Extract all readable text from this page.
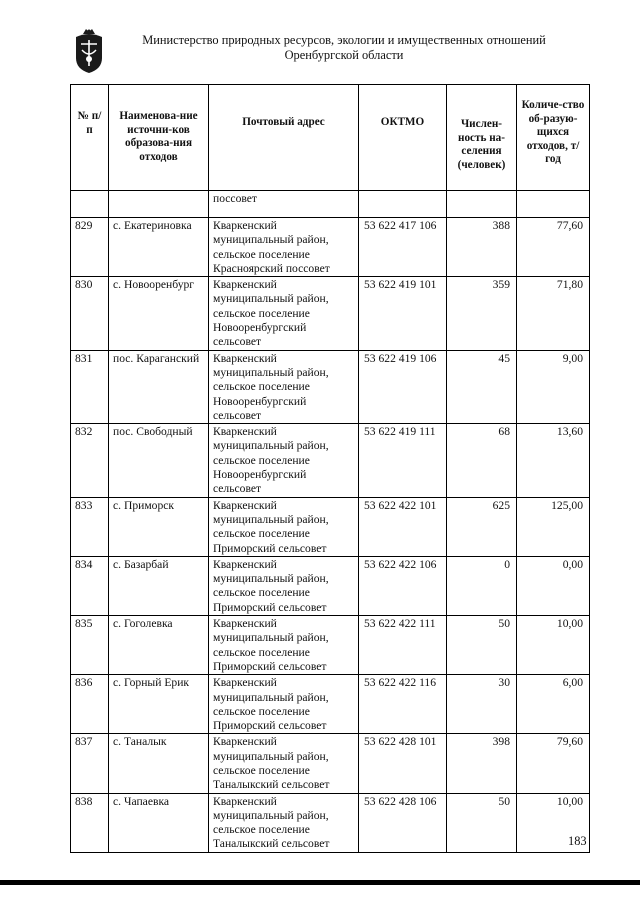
Министерство природных ресурсов, экологии и имущественных отношений
Оренбургской области
№ п/п	Наименова-ние источни-ков образова-ния отходов	Почтовый адрес	ОКТМО	Числен-ность на-селения (человек)	Количе-ство об-разую-щихся отходов, т/год
		поссовет			
829	с. Екатериновка	Кваркенский муниципальный район, сельское поселение Красноярский поссовет	53 622 417 106	388	77,60
830	с. Новооренбург	Кваркенский муниципальный район, сельское поселение Новооренбургский сельсовет	53 622 419 101	359	71,80
831	пос. Караганский	Кваркенский муниципальный район, сельское поселение Новооренбургский сельсовет	53 622 419 106	45	9,00
832	пос. Свободный	Кваркенский муниципальный район, сельское поселение Новооренбургский сельсовет	53 622 419 111	68	13,60
833	с. Приморск	Кваркенский муниципальный район, сельское поселение Приморский сельсовет	53 622 422 101	625	125,00
834	с. Базарбай	Кваркенский муниципальный район, сельское поселение Приморский сельсовет	53 622 422 106	0	0,00
835	с. Гоголевка	Кваркенский муниципальный район, сельское поселение Приморский сельсовет	53 622 422 111	50	10,00
836	с. Горный Ерик	Кваркенский муниципальный район, сельское поселение Приморский сельсовет	53 622 422 116	30	6,00
837	с. Таналык	Кваркенский муниципальный район, сельское поселение Таналыкский сельсовет	53 622 428 101	398	79,60
838	с. Чапаевка	Кваркенский муниципальный район, сельское поселение Таналыкский сельсовет	53 622 428 106	50	10,00
183
